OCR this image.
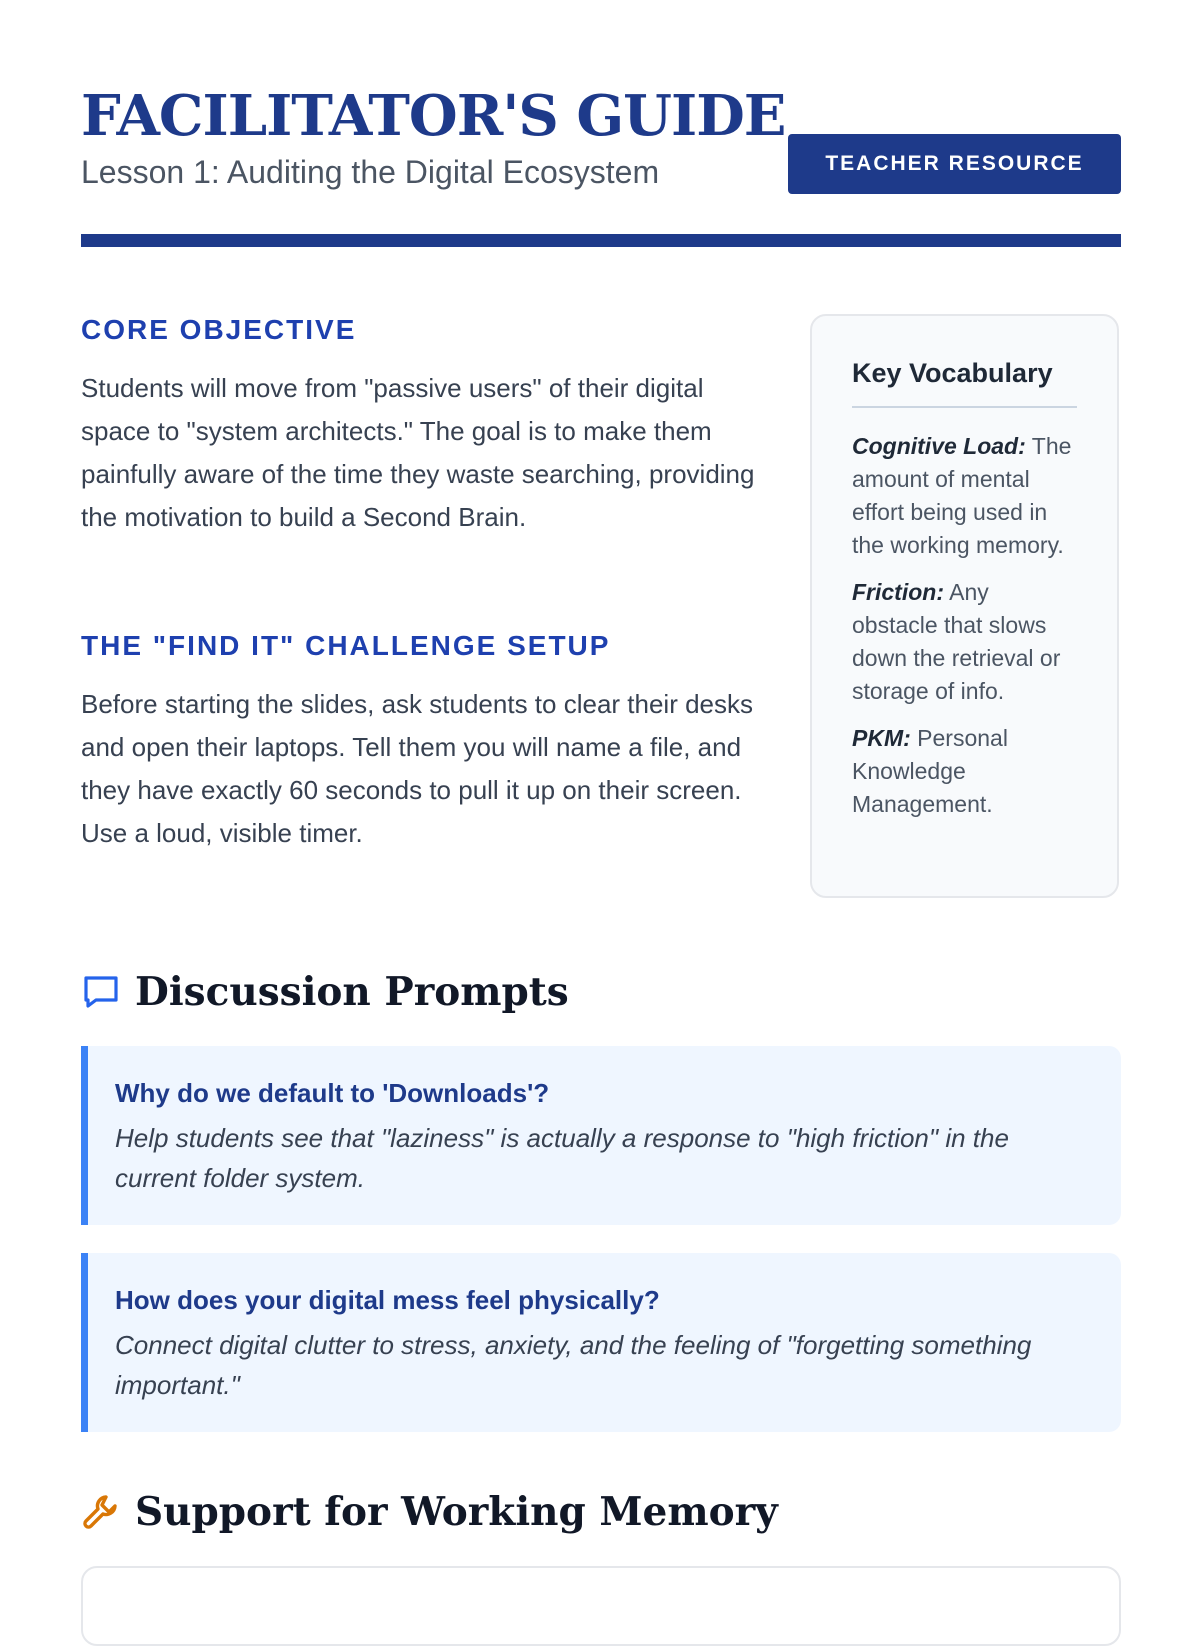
FACILITATOR'S GUIDE
Lesson 1: Auditing the Digital Ecosystem	TEACHER RESOURCE
CORE OBJECTIVE

Students will move from "passive users" of their digital space to "system architects." The goal is to make them painfully aware of the time they waste searching, providing the motivation to build a Second Brain.

THE "FIND IT" CHALLENGE SETUP

Before starting the slides, ask students to clear their desks and open their laptops. Tell them you will name a file, and they have exactly 60 seconds to pull it up on their screen. Use a loud, visible timer.

Key Vocabulary

Cognitive Load: The amount of mental effort being used in the working memory.

Friction: Any obstacle that slows down the retrieval or storage of info.

PKM: Personal Knowledge Management.

Discussion Prompts

Why do we default to 'Downloads'?

Help students see that "laziness" is actually a response to "high friction" in the current folder system.

How does your digital mess feel physically?

Connect digital clutter to stress, anxiety, and the feeling of "forgetting something important."

Support for Working Memory
